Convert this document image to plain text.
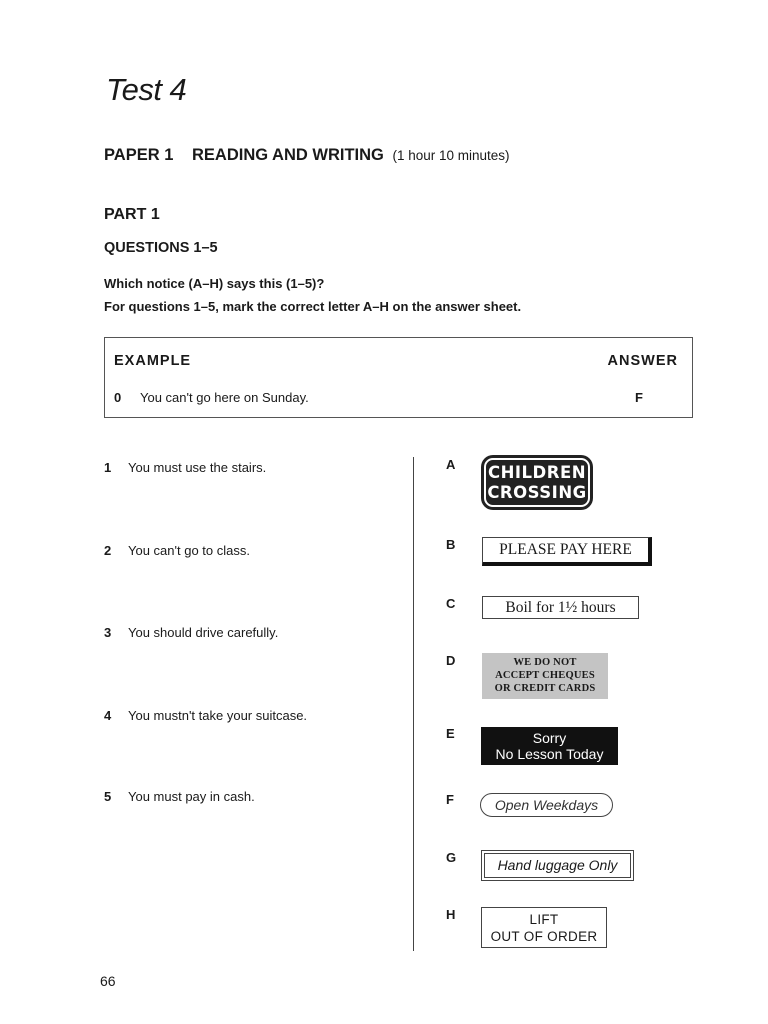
Test 4
PAPER 1 READING AND WRITING (1 hour 10 minutes)
PART 1
QUESTIONS 1–5
Which notice (A–H) says this (1–5)?
For questions 1–5, mark the correct letter A–H on the answer sheet.
EXAMPLE	ANSWER
0 You can't go here on Sunday.	F
1 You must use the stairs.
2 You can't go to class.
3 You should drive carefully.
4 You mustn't take your suitcase.
5 You must pay in cash.
A
B
C
D
E
F
G
H
CHILDREN
CROSSING
PLEASE PAY HERE
Boil for 1½ hours
WE DO NOT
ACCEPT CHEQUES
OR CREDIT CARDS
Sorry
No Lesson Today
Open Weekdays
Hand luggage Only
LIFT
OUT OF ORDER
66
